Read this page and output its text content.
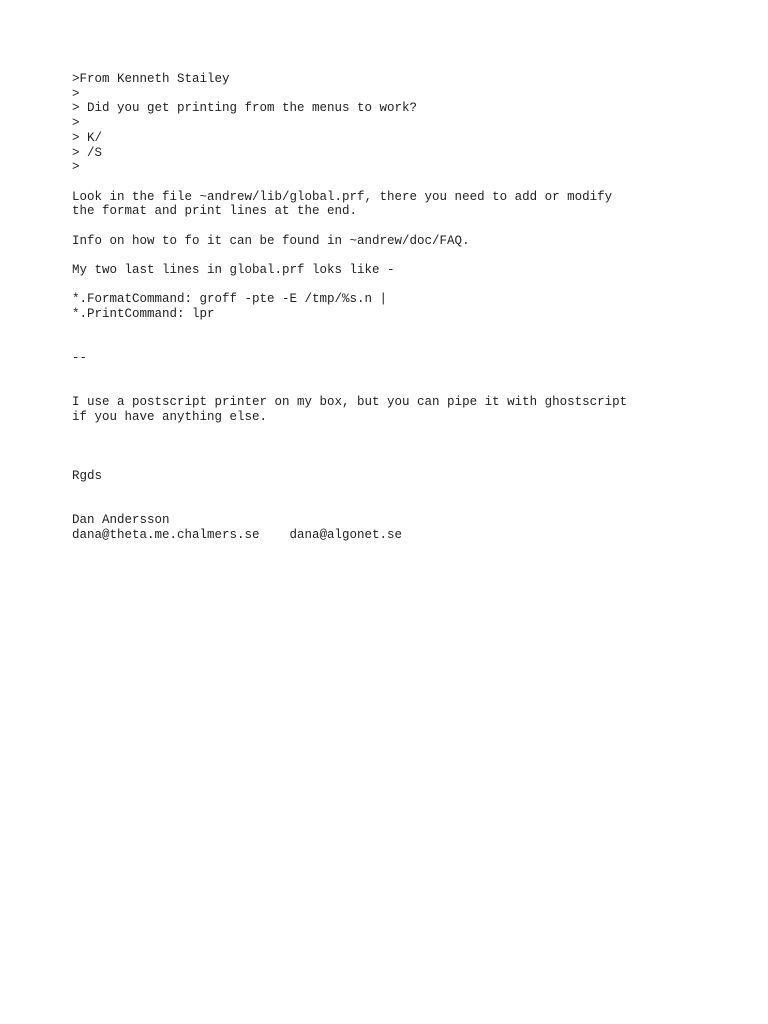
>From Kenneth Stailey
>
> Did you get printing from the menus to work?
>
> K/
> /S
>
Look in the file ~andrew/lib/global.prf, there you need to add or modify
the format and print lines at the end.
Info on how to fo it can be found in ~andrew/doc/FAQ.
My two last lines in global.prf loks like -
*.FormatCommand: groff -pte -E /tmp/%s.n |
*.PrintCommand: lpr
--
I use a postscript printer on my box, but you can pipe it with ghostscript
if you have anything else.
Rgds
Dan Andersson
dana@theta.me.chalmers.se    dana@algonet.se
